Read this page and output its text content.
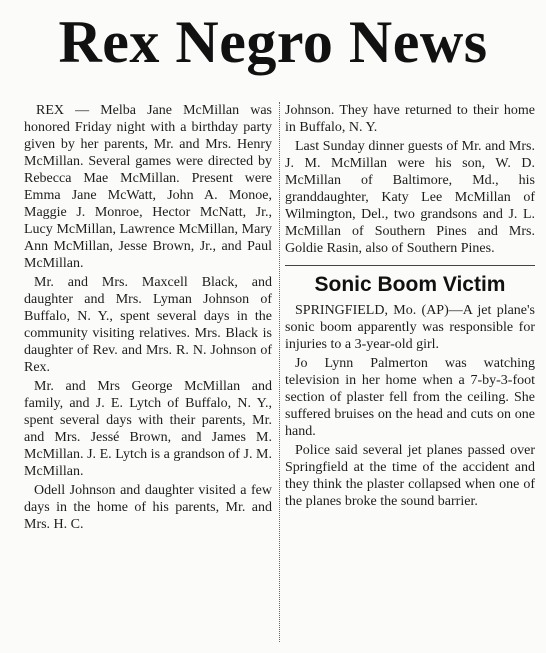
Rex Negro News

REX — Melba Jane McMillan was honored Friday night with a birthday party given by her parents, Mr. and Mrs. Henry McMillan. Several games were directed by Rebecca Mae McMillan. Present were Emma Jane McWatt, John A. Monoe, Maggie J. Monroe, Hector McNatt, Jr., Lucy McMillan, Lawrence McMillan, Mary Ann McMillan, Jesse Brown, Jr., and Paul McMillan.

Mr. and Mrs. Maxcell Black, and daughter and Mrs. Lyman Johnson of Buffalo, N. Y., spent several days in the community visiting relatives. Mrs. Black is daughter of Rev. and Mrs. R. N. Johnson of Rex.

Mr. and Mrs George McMillan and family, and J. E. Lytch of Buffalo, N. Y., spent several days with their parents, Mr. and Mrs. Jessé Brown, and James M. McMillan. J. E. Lytch is a grandson of J. M. McMillan.

Odell Johnson and daughter visited a few days in the home of his parents, Mr. and Mrs. H. C.

Johnson. They have returned to their home in Buffalo, N. Y.

Last Sunday dinner guests of Mr. and Mrs. J. M. McMillan were his son, W. D. McMillan of Baltimore, Md., his granddaughter, Katy Lee McMillan of Wilmington, Del., two grandsons and J. L. McMillan of Southern Pines and Mrs. Goldie Rasin, also of Southern Pines.

Sonic Boom Victim

SPRINGFIELD, Mo. (AP)—A jet plane's sonic boom apparently was responsible for injuries to a 3-year-old girl.

Jo Lynn Palmerton was watching television in her home when a 7-by-3-foot section of plaster fell from the ceiling. She suffered bruises on the head and cuts on one hand.

Police said several jet planes passed over Springfield at the time of the accident and they think the plaster collapsed when one of the planes broke the sound barrier.
